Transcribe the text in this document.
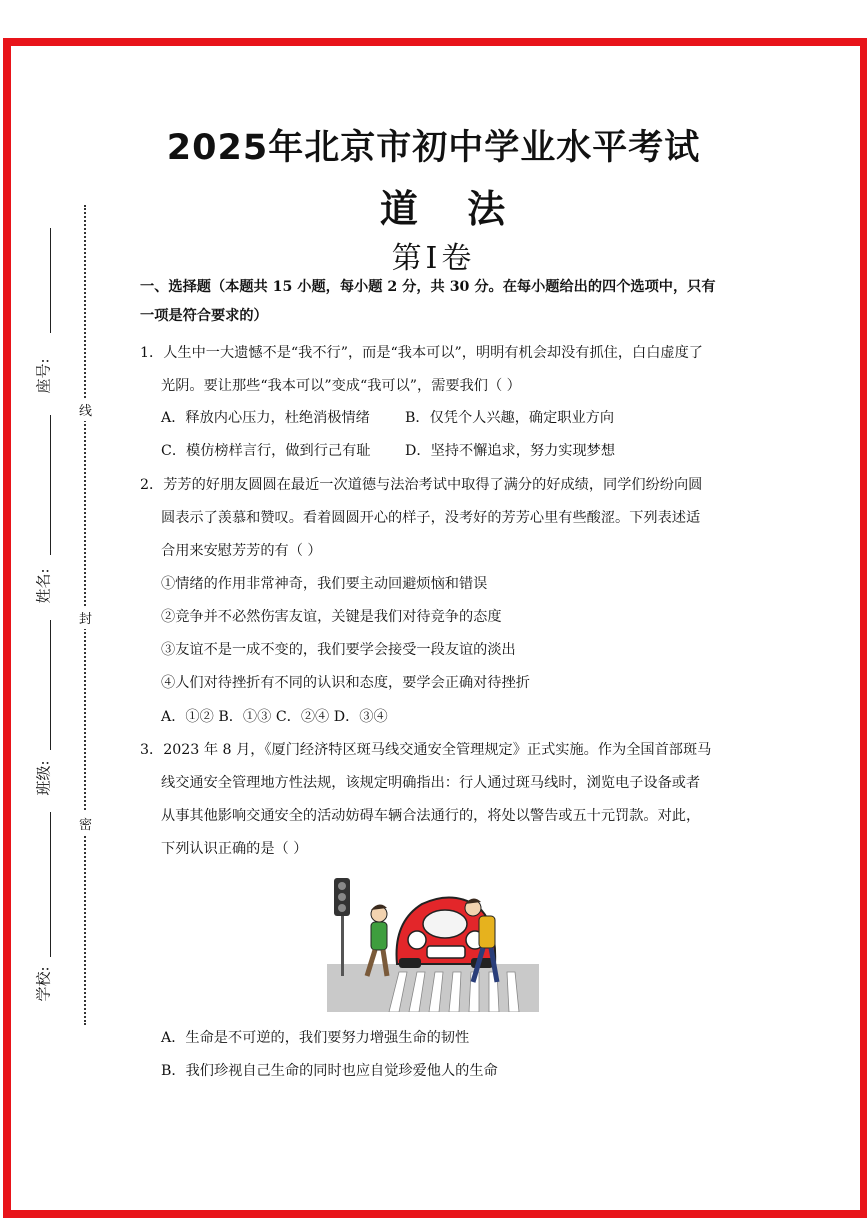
2025年北京市初中学业水平考试
道 法
第I卷
线
封
密
座号:
姓名:
班级:
学校:
一、选择题（本题共 15 小题，每小题 2 分，共 30 分。在每小题给出的四个选项中，只有
一项是符合要求的）
1．人生中一大遗憾不是“我不行”，而是“我本可以”，明明有机会却没有抓住，白白虚度了
光阴。要让那些“我本可以”变成“我可以”，需要我们（ ）
A．释放内心压力，杜绝消极情绪 B．仅凭个人兴趣，确定职业方向
C．模仿榜样言行，做到行己有耻 D．坚持不懈追求，努力实现梦想
2．芳芳的好朋友圆圆在最近一次道德与法治考试中取得了满分的好成绩，同学们纷纷向圆
圆表示了羡慕和赞叹。看着圆圆开心的样子，没考好的芳芳心里有些酸涩。下列表述适
合用来安慰芳芳的有（ ）
①情绪的作用非常神奇，我们要主动回避烦恼和错误
②竞争并不必然伤害友谊，关键是我们对待竞争的态度
③友谊不是一成不变的，我们要学会接受一段友谊的淡出
④人们对待挫折有不同的认识和态度，要学会正确对待挫折
A．①② B．①③ C．②④ D．③④
3．2023 年 8 月，《厦门经济特区斑马线交通安全管理规定》正式实施。作为全国首部斑马
线交通安全管理地方性法规，该规定明确指出：行人通过斑马线时，浏览电子设备或者
从事其他影响交通安全的活动妨碍车辆合法通行的，将处以警告或五十元罚款。对此，
下列认识正确的是（ ）
A．生命是不可逆的，我们要努力增强生命的韧性
B．我们珍视自己生命的同时也应自觉珍爱他人的生命
